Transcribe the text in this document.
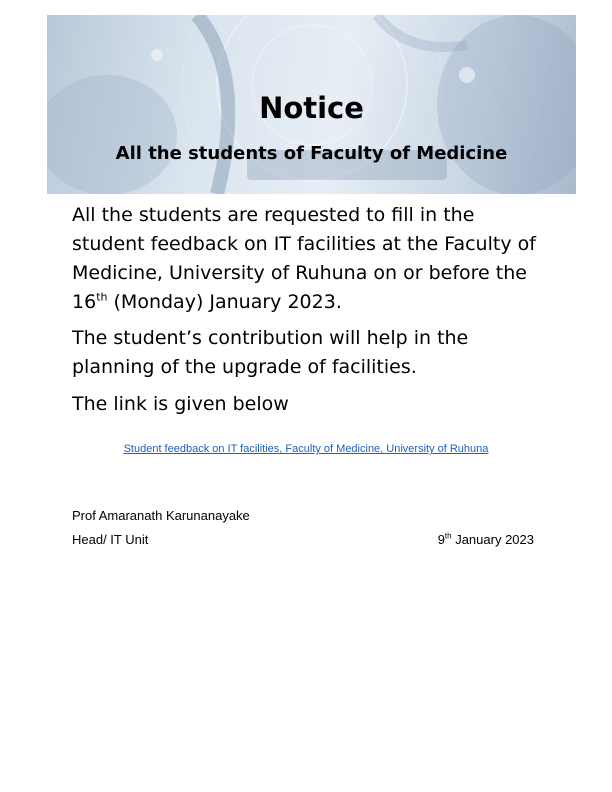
Notice
All the students of Faculty of Medicine

All the students are requested to fill in the student feedback on IT facilities at the Faculty of Medicine, University of Ruhuna on or before the 16th (Monday) January 2023.

The student’s contribution will help in the planning of the upgrade of facilities.

The link is given below

Student feedback on IT facilities, Faculty of Medicine, University of Ruhuna
Prof Amaranath Karunanayake
Head/ IT Unit	9th January 2023
